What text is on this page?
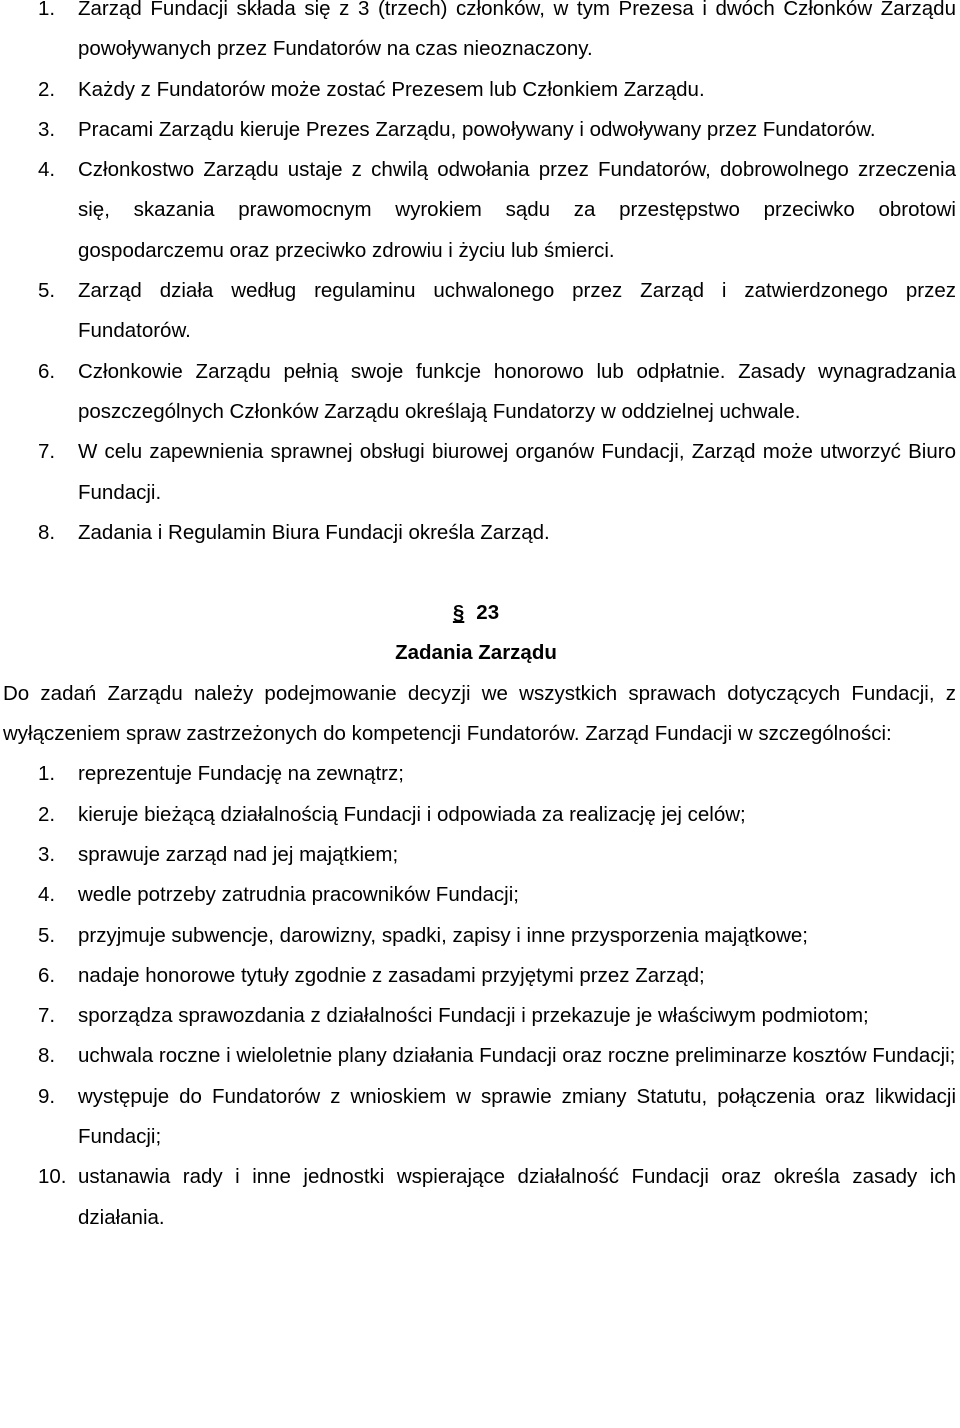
1. Zarząd Fundacji składa się z 3 (trzech) członków, w tym Prezesa i dwóch Członków Zarządu powoływanych przez Fundatorów na czas nieoznaczony.
2. Każdy z Fundatorów może zostać Prezesem lub Członkiem Zarządu.
3. Pracami Zarządu kieruje Prezes Zarządu, powoływany i odwoływany przez Fundatorów.
4. Członkostwo Zarządu ustaje z chwilą odwołania przez Fundatorów, dobrowolnego zrzeczenia się, skazania prawomocnym wyrokiem sądu za przestępstwo przeciwko obrotowi gospodarczemu oraz przeciwko zdrowiu i życiu lub śmierci.
5. Zarząd działa według regulaminu uchwalonego przez Zarząd i zatwierdzonego przez Fundatorów.
6. Członkowie Zarządu pełnią swoje funkcje honorowo lub odpłatnie. Zasady wynagradzania poszczególnych Członków Zarządu określają Fundatorzy w oddzielnej uchwale.
7. W celu zapewnienia sprawnej obsługi biurowej organów Fundacji, Zarząd może utworzyć Biuro Fundacji.
8. Zadania i Regulamin Biura Fundacji określa Zarząd.

§ 23

Zadania Zarządu

Do zadań Zarządu należy podejmowanie decyzji we wszystkich sprawach dotyczących Fundacji, z wyłączeniem spraw zastrzeżonych do kompetencji Fundatorów. Zarząd Fundacji w szczególności:

1. reprezentuje Fundację na zewnątrz;
2. kieruje bieżącą działalnością Fundacji i odpowiada za realizację jej celów;
3. sprawuje zarząd nad jej majątkiem;
4. wedle potrzeby zatrudnia pracowników Fundacji;
5. przyjmuje subwencje, darowizny, spadki, zapisy i inne przysporzenia majątkowe;
6. nadaje honorowe tytuły zgodnie z zasadami przyjętymi przez Zarząd;
7. sporządza sprawozdania z działalności Fundacji i przekazuje je właściwym podmiotom;
8. uchwala roczne i wieloletnie plany działania Fundacji oraz roczne preliminarze kosztów Fundacji;
9. występuje do Fundatorów z wnioskiem w sprawie zmiany Statutu, połączenia oraz likwidacji Fundacji;
10. ustanawia rady i inne jednostki wspierające działalność Fundacji oraz określa zasady ich działania.
